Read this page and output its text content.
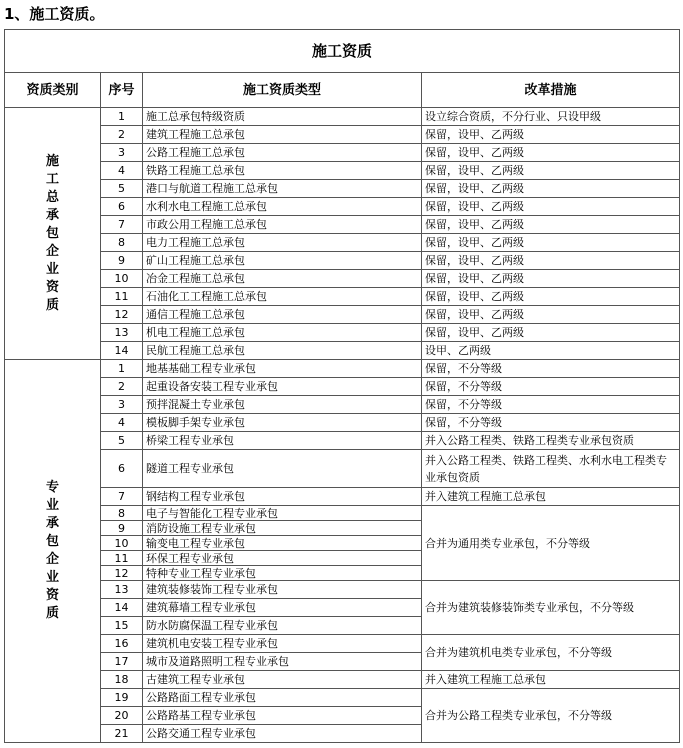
1、施工资质。
施工资质			
资质类别	序号	施工资质类型	改革措施
施工总承包企业资质	1	施工总承包特级资质	设立综合资质，不分行业、只设甲级
	2	建筑工程施工总承包	保留，设甲、乙两级
	3	公路工程施工总承包	保留，设甲、乙两级
	4	铁路工程施工总承包	保留，设甲、乙两级
	5	港口与航道工程施工总承包	保留，设甲、乙两级
	6	水利水电工程施工总承包	保留，设甲、乙两级
	7	市政公用工程施工总承包	保留，设甲、乙两级
	8	电力工程施工总承包	保留，设甲、乙两级
	9	矿山工程施工总承包	保留，设甲、乙两级
	10	冶金工程施工总承包	保留，设甲、乙两级
	11	石油化工工程施工总承包	保留，设甲、乙两级
	12	通信工程施工总承包	保留，设甲、乙两级
	13	机电工程施工总承包	保留，设甲、乙两级
	14	民航工程施工总承包	设甲、乙两级
专业承包企业资质	1	地基基础工程专业承包	保留，不分等级
	2	起重设备安装工程专业承包	保留，不分等级
	3	预拌混凝土专业承包	保留，不分等级
	4	模板脚手架专业承包	保留，不分等级
	5	桥梁工程专业承包	并入公路工程类、铁路工程类专业承包资质
	6	隧道工程专业承包	并入公路工程类、铁路工程类、水利水电工程类专业承包资质
	7	钢结构工程专业承包	并入建筑工程施工总承包
	8	电子与智能化工程专业承包	合并为通用类专业承包，不分等级
	9	消防设施工程专业承包	
	10	输变电工程专业承包	
	11	环保工程专业承包	
	12	特种专业工程专业承包	
	13	建筑装修装饰工程专业承包	合并为建筑装修装饰类专业承包，不分等级
	14	建筑幕墙工程专业承包	
	15	防水防腐保温工程专业承包	
	16	建筑机电安装工程专业承包	合并为建筑机电类专业承包，不分等级
	17	城市及道路照明工程专业承包	
	18	古建筑工程专业承包	并入建筑工程施工总承包
	19	公路路面工程专业承包	合并为公路工程类专业承包，不分等级
	20	公路路基工程专业承包	
	21	公路交通工程专业承包	
